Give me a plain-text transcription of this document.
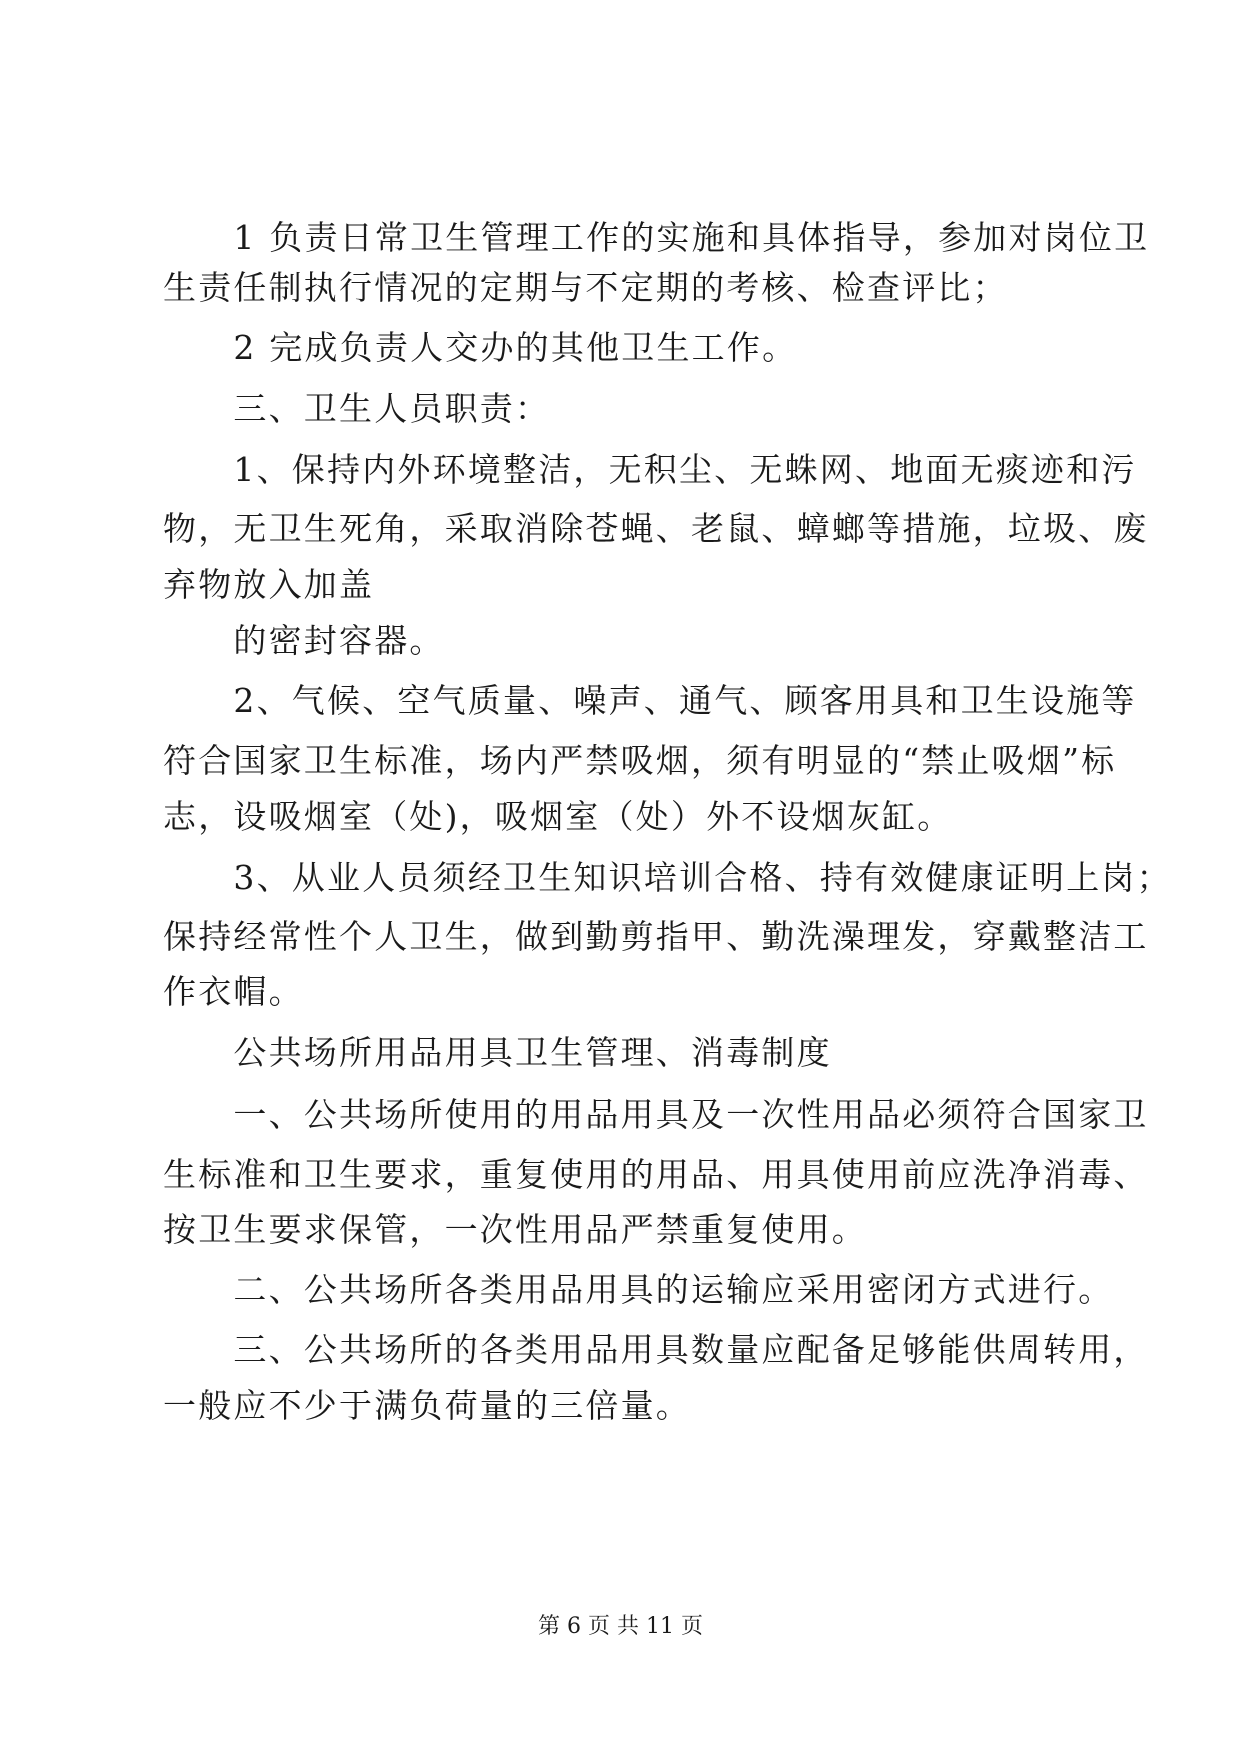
　　1 负责日常卫生管理工作的实施和具体指导，参加对岗位卫

生责任制执行情况的定期与不定期的考核、检查评比；

　　2 完成负责人交办的其他卫生工作。

　　三、卫生人员职责：

　　1、保持内外环境整洁，无积尘、无蛛网、地面无痰迹和污

物，无卫生死角，采取消除苍蝇、老鼠、蟑螂等措施，垃圾、废

弃物放入加盖

　　的密封容器。

　　2、气候、空气质量、噪声、通气、顾客用具和卫生设施等

符合国家卫生标准，场内严禁吸烟，须有明显的“禁止吸烟”标

志，设吸烟室（处)，吸烟室（处）外不设烟灰缸。

　　3、从业人员须经卫生知识培训合格、持有效健康证明上岗；

保持经常性个人卫生，做到勤剪指甲、勤洗澡理发，穿戴整洁工

作衣帽。

　　公共场所用品用具卫生管理、消毒制度

　　一、公共场所使用的用品用具及一次性用品必须符合国家卫

生标准和卫生要求，重复使用的用品、用具使用前应洗净消毒、

按卫生要求保管，一次性用品严禁重复使用。

　　二、公共场所各类用品用具的运输应采用密闭方式进行。

　　三、公共场所的各类用品用具数量应配备足够能供周转用，

一般应不少于满负荷量的三倍量。

第 6 页 共 11 页
